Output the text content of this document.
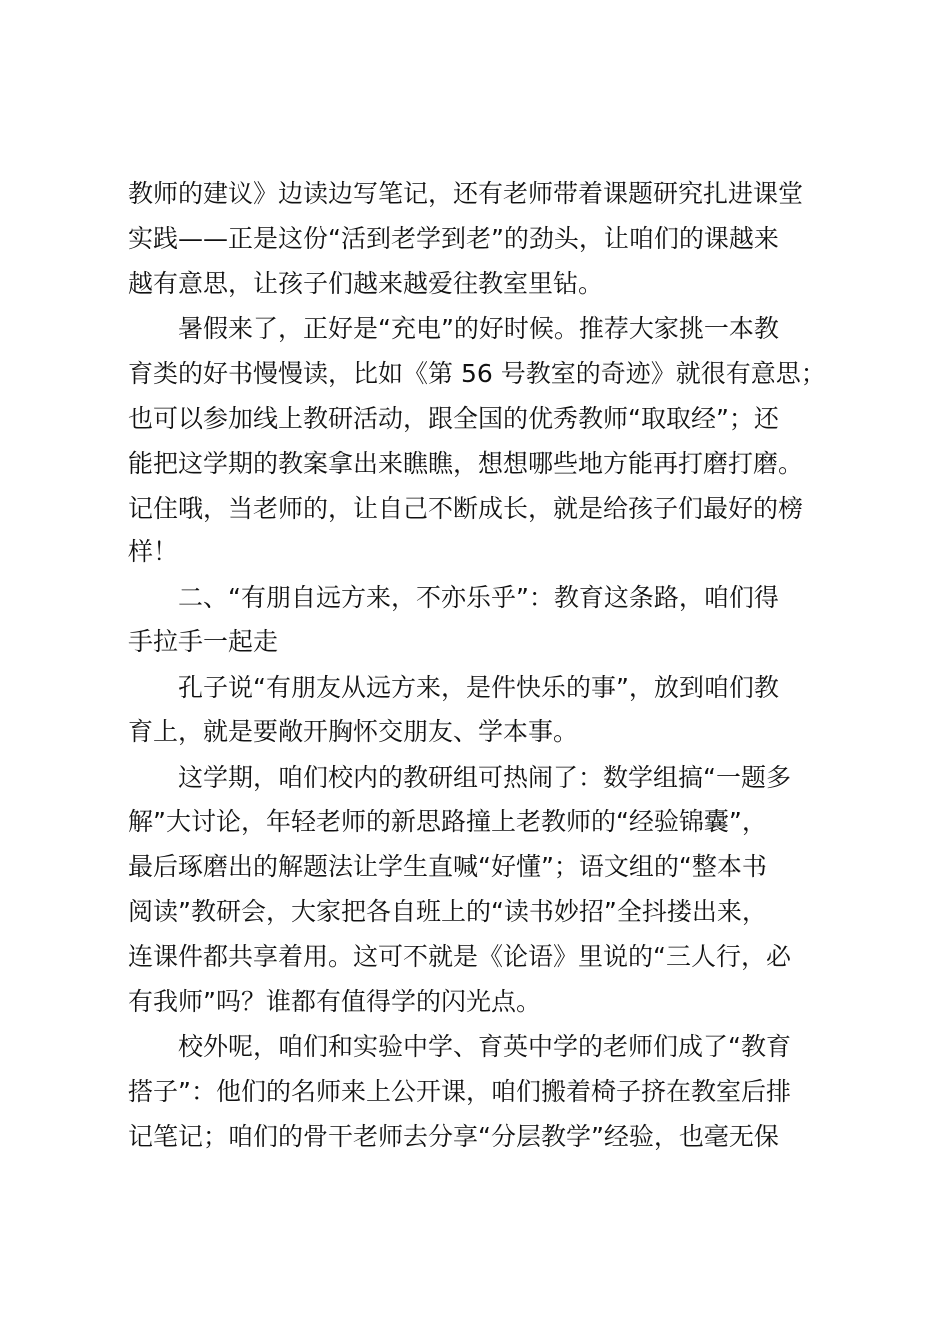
教师的建议》边读边写笔记，还有老师带着课题研究扎进课堂
实践——正是这份“活到老学到老”的劲头，让咱们的课越来
越有意思，让孩子们越来越爱往教室里钻。
暑假来了，正好是“充电”的好时候。推荐大家挑一本教
育类的好书慢慢读，比如《第 56 号教室的奇迹》就很有意思；
也可以参加线上教研活动，跟全国的优秀教师“取取经”；还
能把这学期的教案拿出来瞧瞧，想想哪些地方能再打磨打磨。
记住哦，当老师的，让自己不断成长，就是给孩子们最好的榜
样！
二、“有朋自远方来，不亦乐乎”：教育这条路，咱们得
手拉手一起走
孔子说“有朋友从远方来，是件快乐的事”，放到咱们教
育上，就是要敞开胸怀交朋友、学本事。
这学期，咱们校内的教研组可热闹了：数学组搞“一题多
解”大讨论，年轻老师的新思路撞上老教师的“经验锦囊”，
最后琢磨出的解题法让学生直喊“好懂”；语文组的“整本书
阅读”教研会，大家把各自班上的“读书妙招”全抖搂出来，
连课件都共享着用。这可不就是《论语》里说的“三人行，必
有我师”吗？谁都有值得学的闪光点。
校外呢，咱们和实验中学、育英中学的老师们成了“教育
搭子”：他们的名师来上公开课，咱们搬着椅子挤在教室后排
记笔记；咱们的骨干老师去分享“分层教学”经验，也毫无保
